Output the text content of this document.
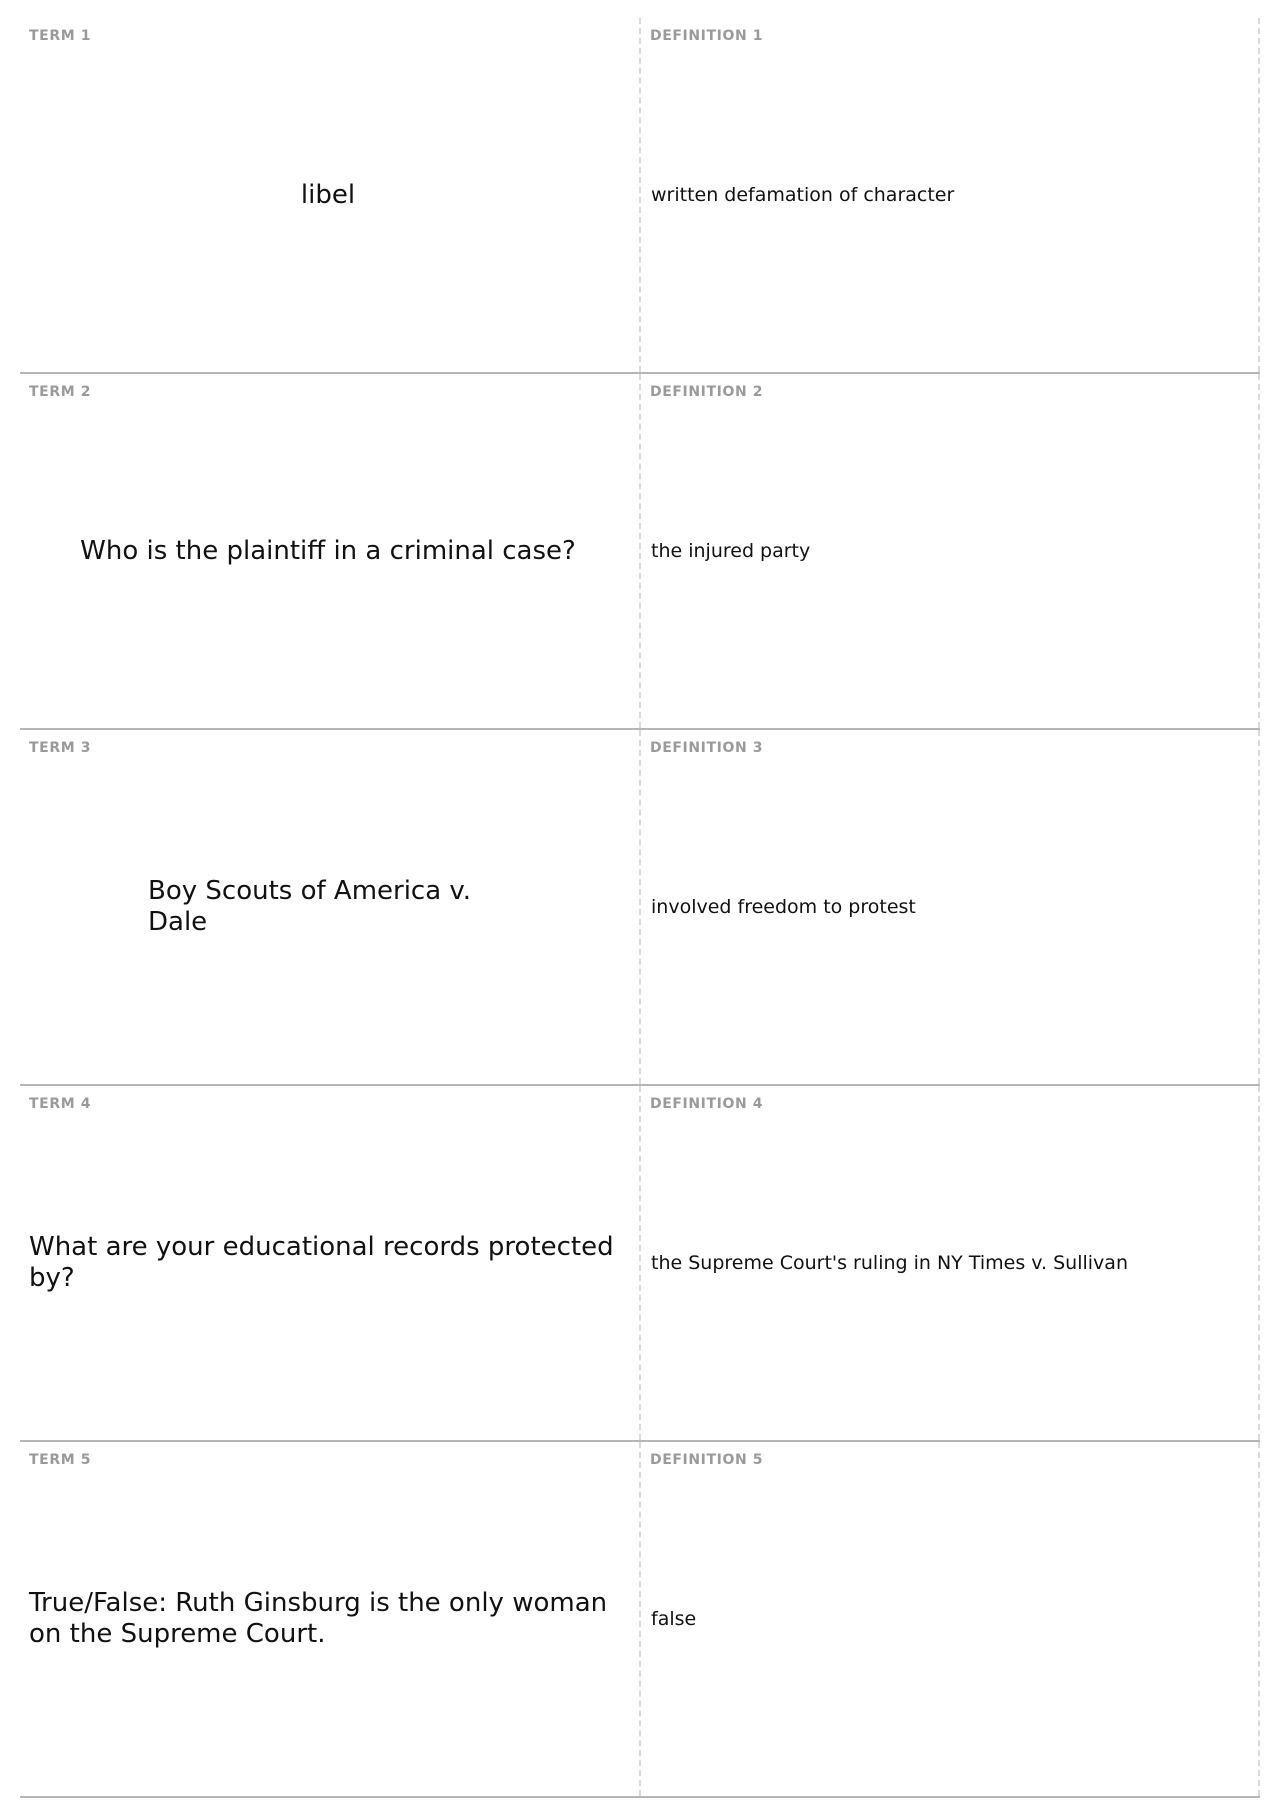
TERM 1
libel
DEFINITION 1
written defamation of character
TERM 2
Who is the plaintiff in a criminal case?
DEFINITION 2
the injured party
TERM 3
Boy Scouts of America v. Dale
DEFINITION 3
involved freedom to protest
TERM 4
What are your educational records protected by?
DEFINITION 4
the Supreme Court's ruling in NY Times v. Sullivan
TERM 5
True/False: Ruth Ginsburg is the only woman on the Supreme Court.
DEFINITION 5
false
